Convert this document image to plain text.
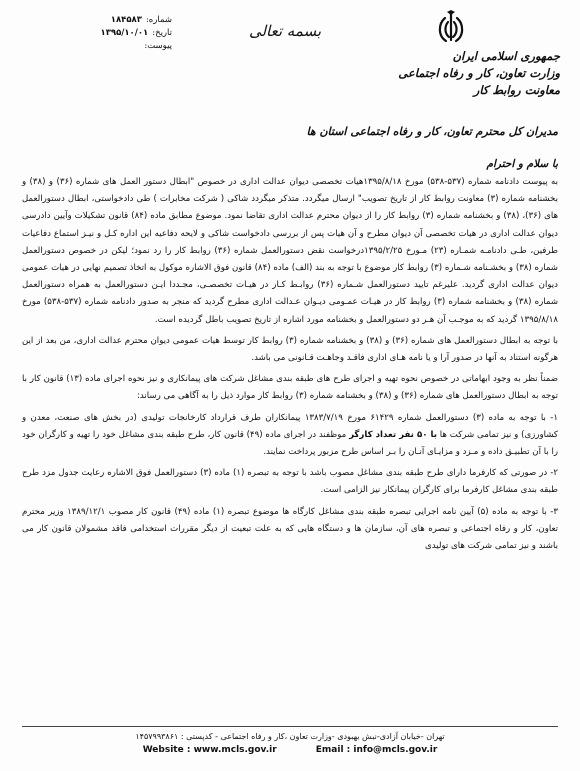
شماره:
۱۸۴۵۸۳
تاریخ:
۱۳۹۵/۱۰/۰۱
پیوست:
بسمه تعالی
جمهوری اسلامی ایران
وزارت تعاون، کار و رفاه اجتماعی
معاونت روابط کار

مدیران کل محترم تعاون، کار و رفاه اجتماعی استان ها

با سلام و احترام

به پیوست دادنامه شماره (۵۳۷-۵۳۸) مورخ ۱۳۹۵/۸/۱۸هیات تخصصی دیوان عدالت اداری در خصوص "ابطال دستور العمل های شماره (۳۶) و (۳۸) و بخشنامه شماره (۳) معاونت روابط کار از تاریخ تصویب" ارسال میگردد. متذکر میگردد شاکی ( شرکت مخابرات ) طی دادخواستی، ابطال دستورالعمل های (۳۶)، (۳۸) و بخشنامه شماره (۳) روابط کار را از دیوان محترم عدالت اداری تقاضا نمود. موضوع مطابق ماده (۸۴) قانون تشکیلات وآیین دادرسی دیوان عدالت اداری در هیات تخصصی آن دیوان مطرح و آن هیات پس از بررسی دادخواست شاکی و لایحه دفاعیه این اداره کـل و نیـز استماع دفاعیات طرفین، طـی دادنامـه شمـاره (۲۳) مـورخ ۱۳۹۵/۲/۲۵درخواست نقض دستورالعمل شماره (۳۶) روابط کار را رد نمود؛ لیکن در خصوص دستورالعمل شماره (۳۸) و بخشـنامه شـماره (۳) روابط کار موضوع با توجه به بند (الف) ماده (۸۴) قانون فوق الاشاره موکول به اتخاذ تصمیم نهایی در هیات عمومی دیوان عدالت اداری گردید. علیرغم تایید دستورالعمل شـماره (۳۶) روابـط کـار در هیـات تخصصـی، مجـددا ایـن دستورالعمل به همراه دستورالعمل شماره (۳۸) و بخشنامه شماره (۳) روابط کار در هیـات عمـومی دیـوان عـدالت اداری مطرح گردید که منجر به صدور دادنامه شماره (۵۳۷-۵۳۸) مورخ ۱۳۹۵/۸/۱۸ گردید که به موجـب آن هـر دو دستورالعمل و بخشنامه مورد اشاره از تاریخ تصویب باطل گردیده است.

با توجه به ابطال دستورالعمل های شماره (۳۶) و (۳۸) و بخشنامه شماره (۳) روابط کار توسط هیات عمومی دیوان محترم عدالت اداری، من بعد از این هرگونه استناد به آنها در صدور آرا و یا نامه هـای اداری فاقـد وجاهـت قـانونی می باشد.

ضمناً نظر به وجود ابهاماتی در خصوص نحوه تهیه و اجرای طرح های طبقه بندی مشاغل شرکت های پیمانکاری و نیز نحوه اجرای ماده (۱۳) قانون کار با توجه به ابطال دستورالعمل های شماره (۳۶) و (۳۸) و بخشنامه شماره (۳) روابط کار موارد ذیل را به آگاهی می رساند:

۱- با توجه به ماده (۳) دستورالعمل شماره ۶۱۴۲۹ مورخ ۱۳۸۳/۷/۱۹ پیمانکاران طرف قرارداد کارخانجات تولیدی (در بخش های صنعت، معدن و کشاورزی) و نیز تمامی شرکت ها با ۵۰ نفر تعداد کارگر موظفند در اجرای ماده (۴۹) قانون کار، طرح طبقه بندی مشاغل خود را تهیه و کارگران خود را با آن تطبیـق داده و مـزد و مزایـای آنـان را بـر اساس طرح مزبور پرداخت نمایند.

۲- در صورتی که کارفرما دارای طرح طبقه بندی مشاغل مصوب باشد با توجه به تبصره (۱) ماده (۳) دستورالعمل فوق الاشاره رعایت جدول مزد طرح طبقه بندی مشاغل کارفرما برای کارگران پیمانکار نیز الزامی است.

۳- با توجه به ماده (۵) آیین نامه اجرایی تبصره طبقه بندی مشاغل کارگاه ها موضوع تبصره (۱) ماده (۴۹) قانون کار مصوب ۱۳۸۹/۱۲/۱ وزیر محترم تعاون، کار و رفاه اجتماعی و تبصره های آن، سازمان ها و دستگاه هایی که به علت تبعیت از دیگر مقررات استخدامی فاقد مشمولان قانون کار می باشند و نیز تمامی شرکت های تولیدی

تهران -خیابان آزادی-نبش بهبودی -وزارت تعاون ،کار و رفاه اجتماعی - کدپستی : ۱۴۵۷۹۹۳۸۶۱
Website : www.mcls.gov.ir	Email : info@mcls.gov.ir
